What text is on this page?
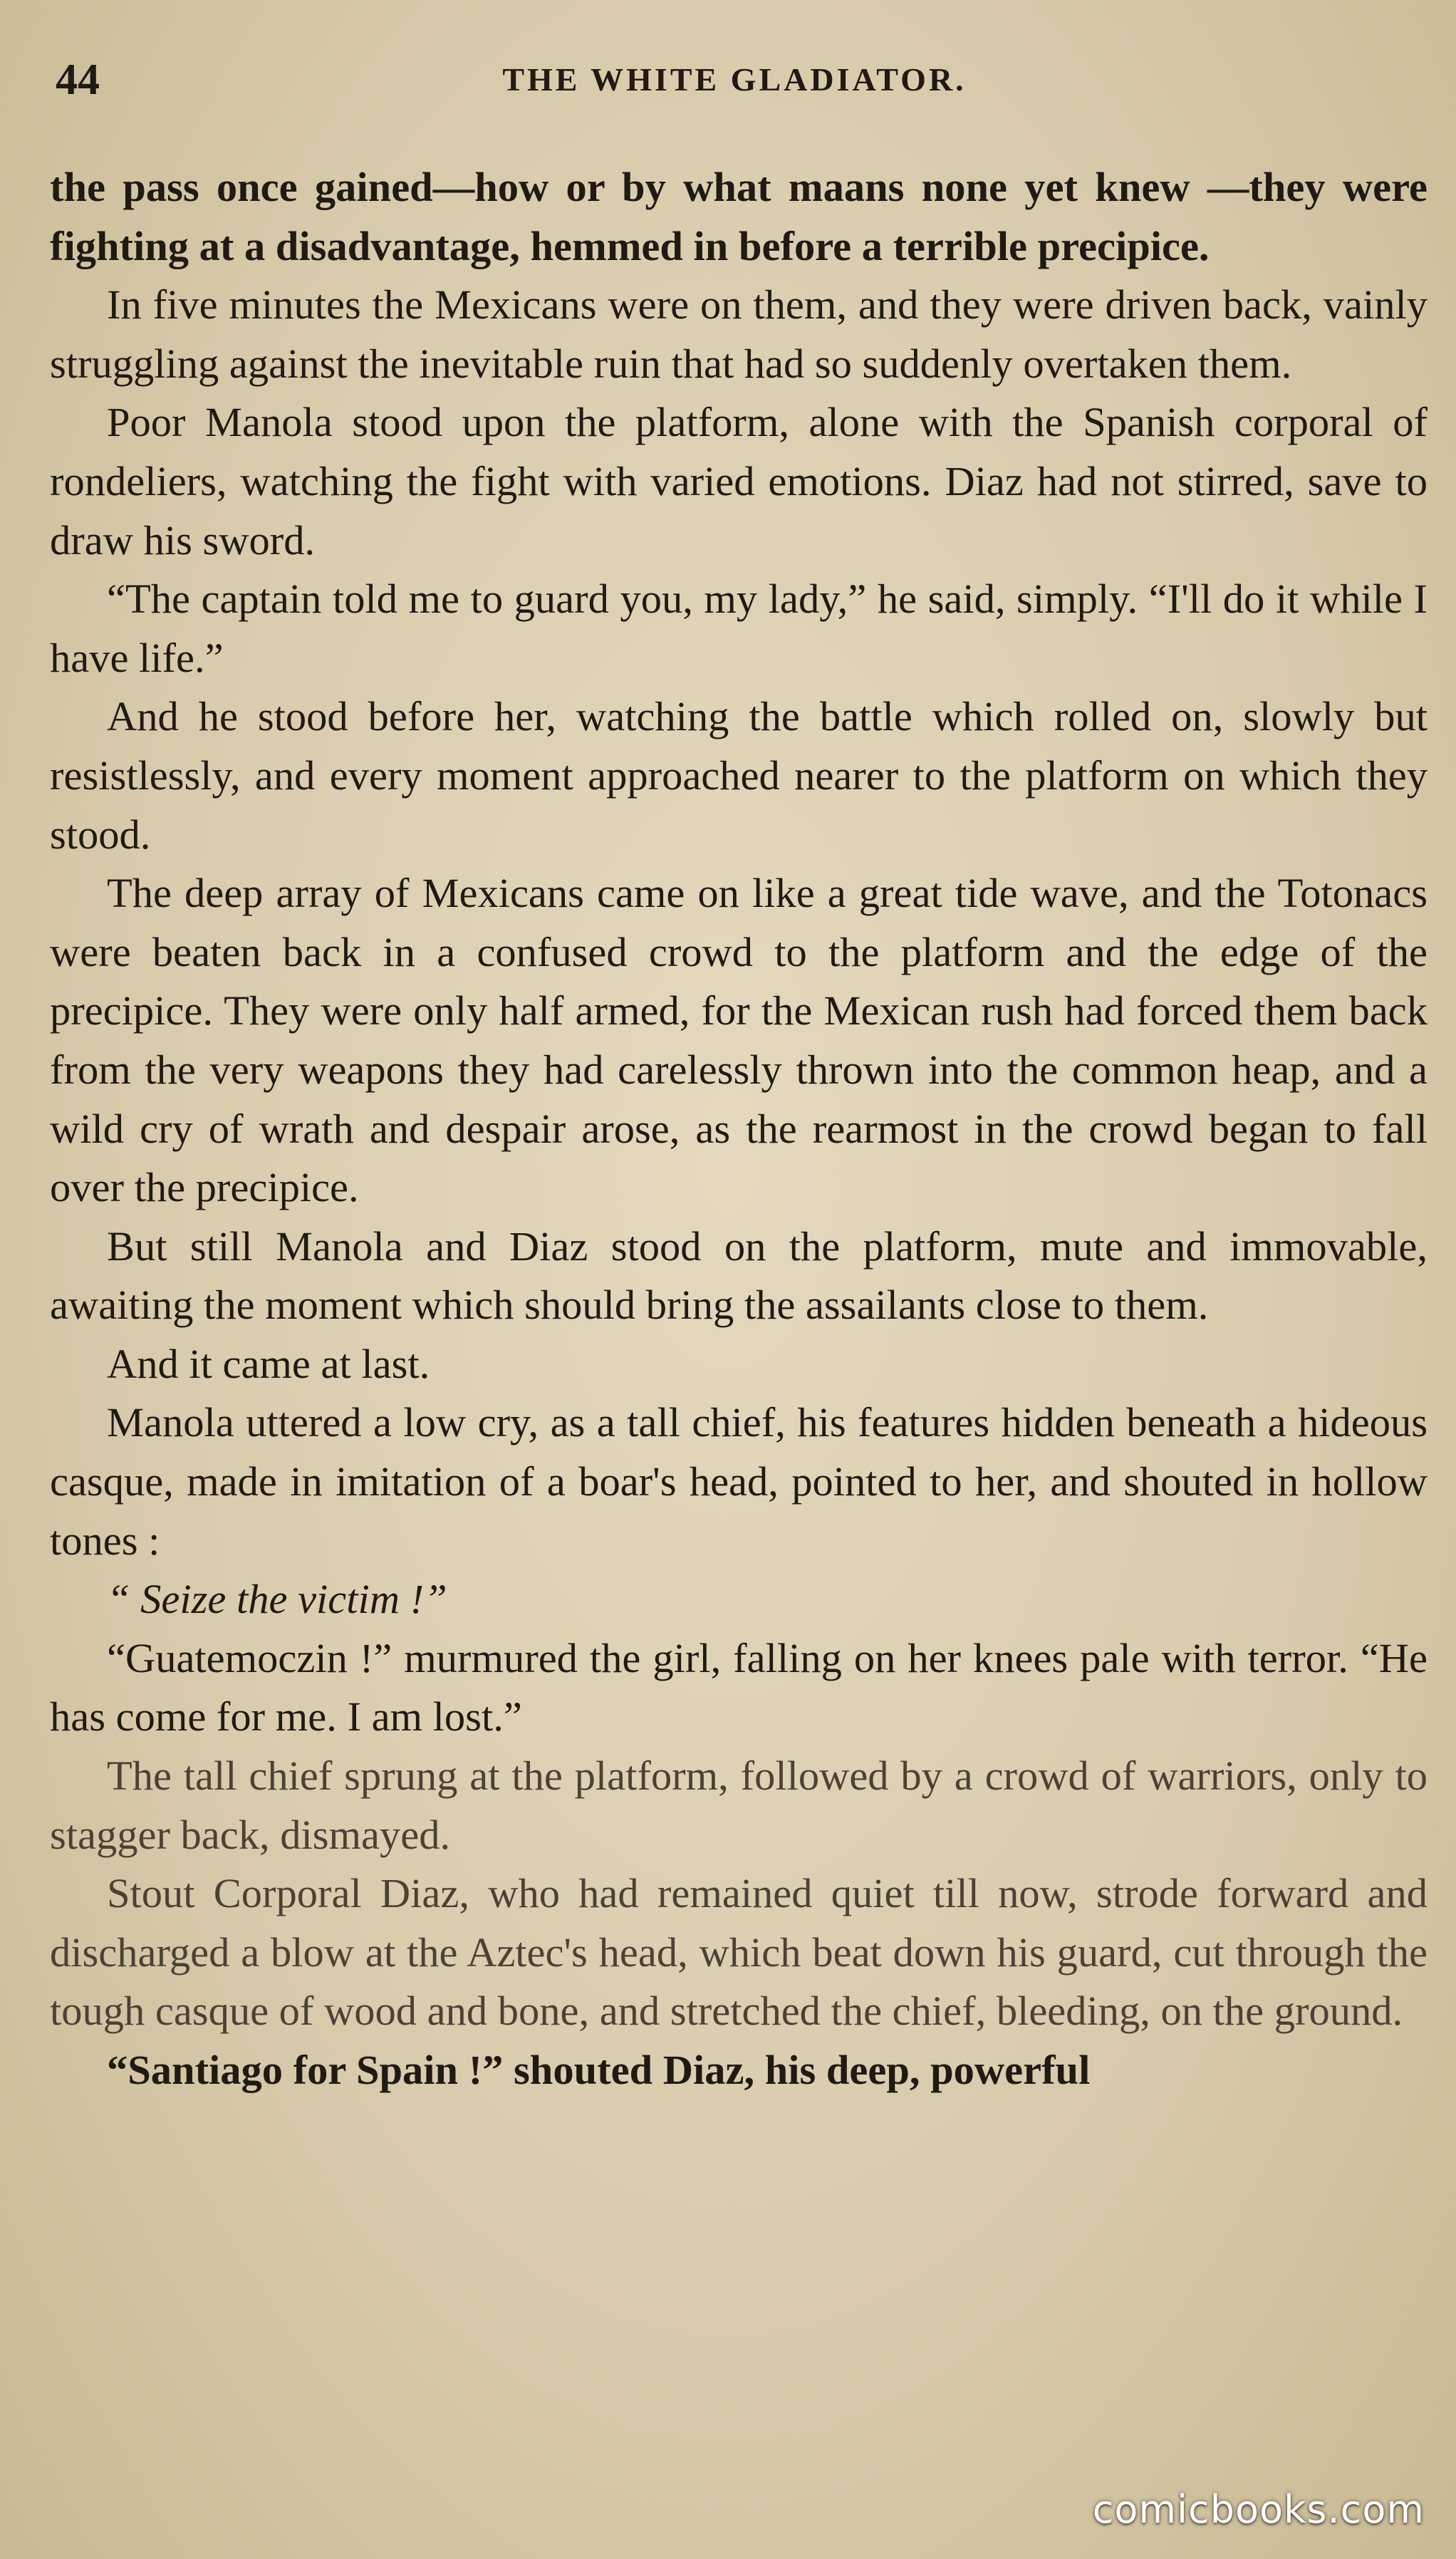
44	THE WHITE GLADIATOR.

the pass once gained—how or by what maans none yet knew —they were fighting at a disadvantage, hemmed in before a terrible precipice.

In five minutes the Mexicans were on them, and they were driven back, vainly struggling against the inevitable ruin that had so suddenly overtaken them.

Poor Manola stood upon the platform, alone with the Spanish corporal of rondeliers, watching the fight with varied emotions. Diaz had not stirred, save to draw his sword.

“The captain told me to guard you, my lady,” he said, simply. “I'll do it while I have life.”

And he stood before her, watching the battle which rolled on, slowly but resistlessly, and every moment approached nearer to the platform on which they stood.

The deep array of Mexicans came on like a great tide wave, and the Totonacs were beaten back in a confused crowd to the platform and the edge of the precipice. They were only half armed, for the Mexican rush had forced them back from the very weapons they had carelessly thrown into the common heap, and a wild cry of wrath and despair arose, as the rearmost in the crowd began to fall over the precipice.

But still Manola and Diaz stood on the platform, mute and immovable, awaiting the moment which should bring the assailants close to them.

And it came at last.

Manola uttered a low cry, as a tall chief, his features hidden beneath a hideous casque, made in imitation of a boar's head, pointed to her, and shouted in hollow tones :

“ Seize the victim !”

“Guatemoczin !” murmured the girl, falling on her knees pale with terror. “He has come for me. I am lost.”

The tall chief sprung at the platform, followed by a crowd of warriors, only to stagger back, dismayed.

Stout Corporal Diaz, who had remained quiet till now, strode forward and discharged a blow at the Aztec's head, which beat down his guard, cut through the tough casque of wood and bone, and stretched the chief, bleeding, on the ground.

“Santiago for Spain !” shouted Diaz, his deep, powerful

comicbooks.com
